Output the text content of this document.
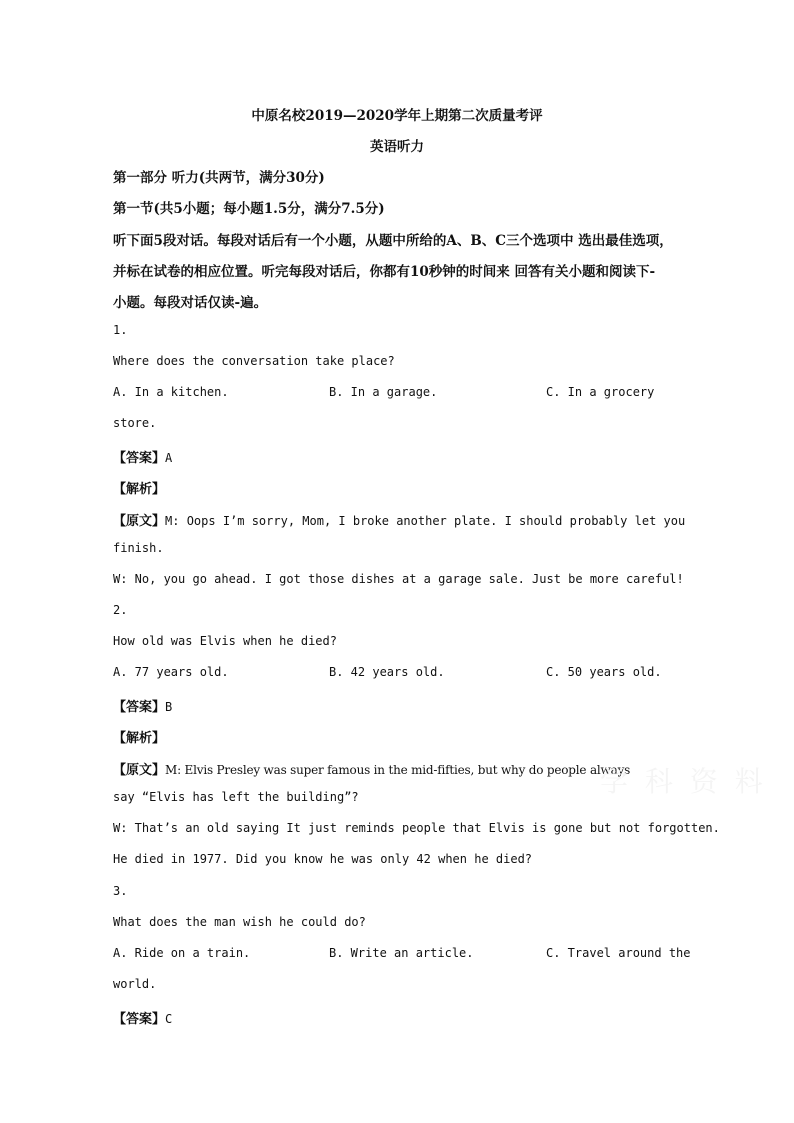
中原名校2019—2020学年上期第二次质量考评
英语听力
第一部分 听力(共两节，满分30分)
第一节(共5小题；每小题1.5分，满分7.5分)
听下面5段对话。每段对话后有一个小题，从题中所给的A、B、C三个选项中 选出最佳选项，
并标在试卷的相应位置。听完每段对话后，你都有10秒钟的时间来 回答有关小题和阅读下-
小题。每段对话仅读-遍。
1.
Where does the conversation take place?
A. In a kitchen.	B. In a garage.	C. In a grocery
store.
【答案】A
【解析】
【原文】M: Oops I’m sorry, Mom, I broke another plate. I should probably let you
finish.
W: No, you go ahead. I got those dishes at a garage sale. Just be more careful!
2.
How old was Elvis when he died?
A. 77 years old.	B. 42 years old.	C. 50 years old.
【答案】B
【解析】
【原文】M: Elvis Presley was super famous in the mid-fifties, but why do people always
say “Elvis has left the building”?
W: That’s an old saying It just reminds people that Elvis is gone but not forgotten.
He died in 1977. Did you know he was only 42 when he died?
3.
What does the man wish he could do?
A. Ride on a train.	B. Write an article.	C. Travel around the
world.
【答案】C
学 科 资 料
